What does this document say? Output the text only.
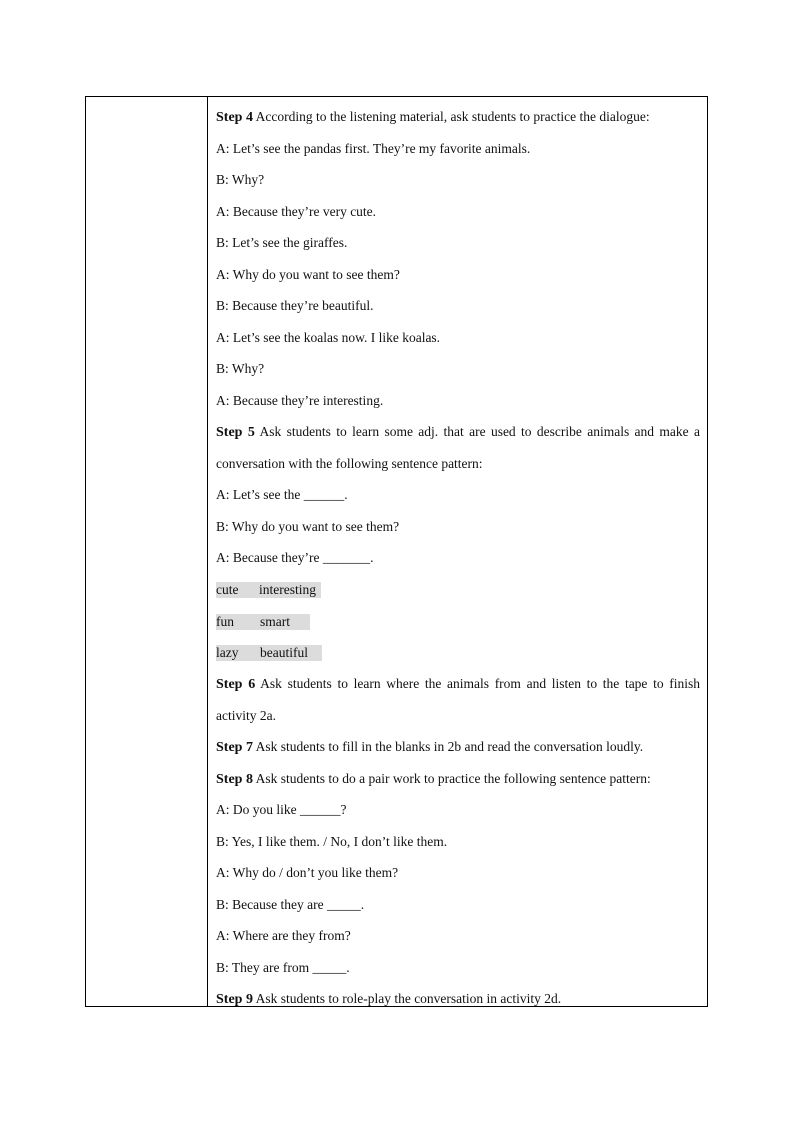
Step 4 According to the listening material, ask students to practice the dialogue:
A: Let’s see the pandas first. They’re my favorite animals.
B: Why?
A: Because they’re very cute.
B: Let’s see the giraffes.
A: Why do you want to see them?
B: Because they’re beautiful.
A: Let’s see the koalas now. I like koalas.
B: Why?
A: Because they’re interesting.
Step 5 Ask students to learn some adj. that are used to describe animals and make a
conversation with the following sentence pattern:
A: Let’s see the ______.
B: Why do you want to see them?
A: Because they’re _______.
cute interesting
fun smart
lazy beautiful
Step 6 Ask students to learn where the animals from and listen to the tape to finish
activity 2a.
Step 7 Ask students to fill in the blanks in 2b and read the conversation loudly.
Step 8 Ask students to do a pair work to practice the following sentence pattern:
A: Do you like ______?
B: Yes, I like them. / No, I don’t like them.
A: Why do / don’t you like them?
B: Because they are _____.
A: Where are they from?
B: They are from _____.
Step 9 Ask students to role-play the conversation in activity 2d.
